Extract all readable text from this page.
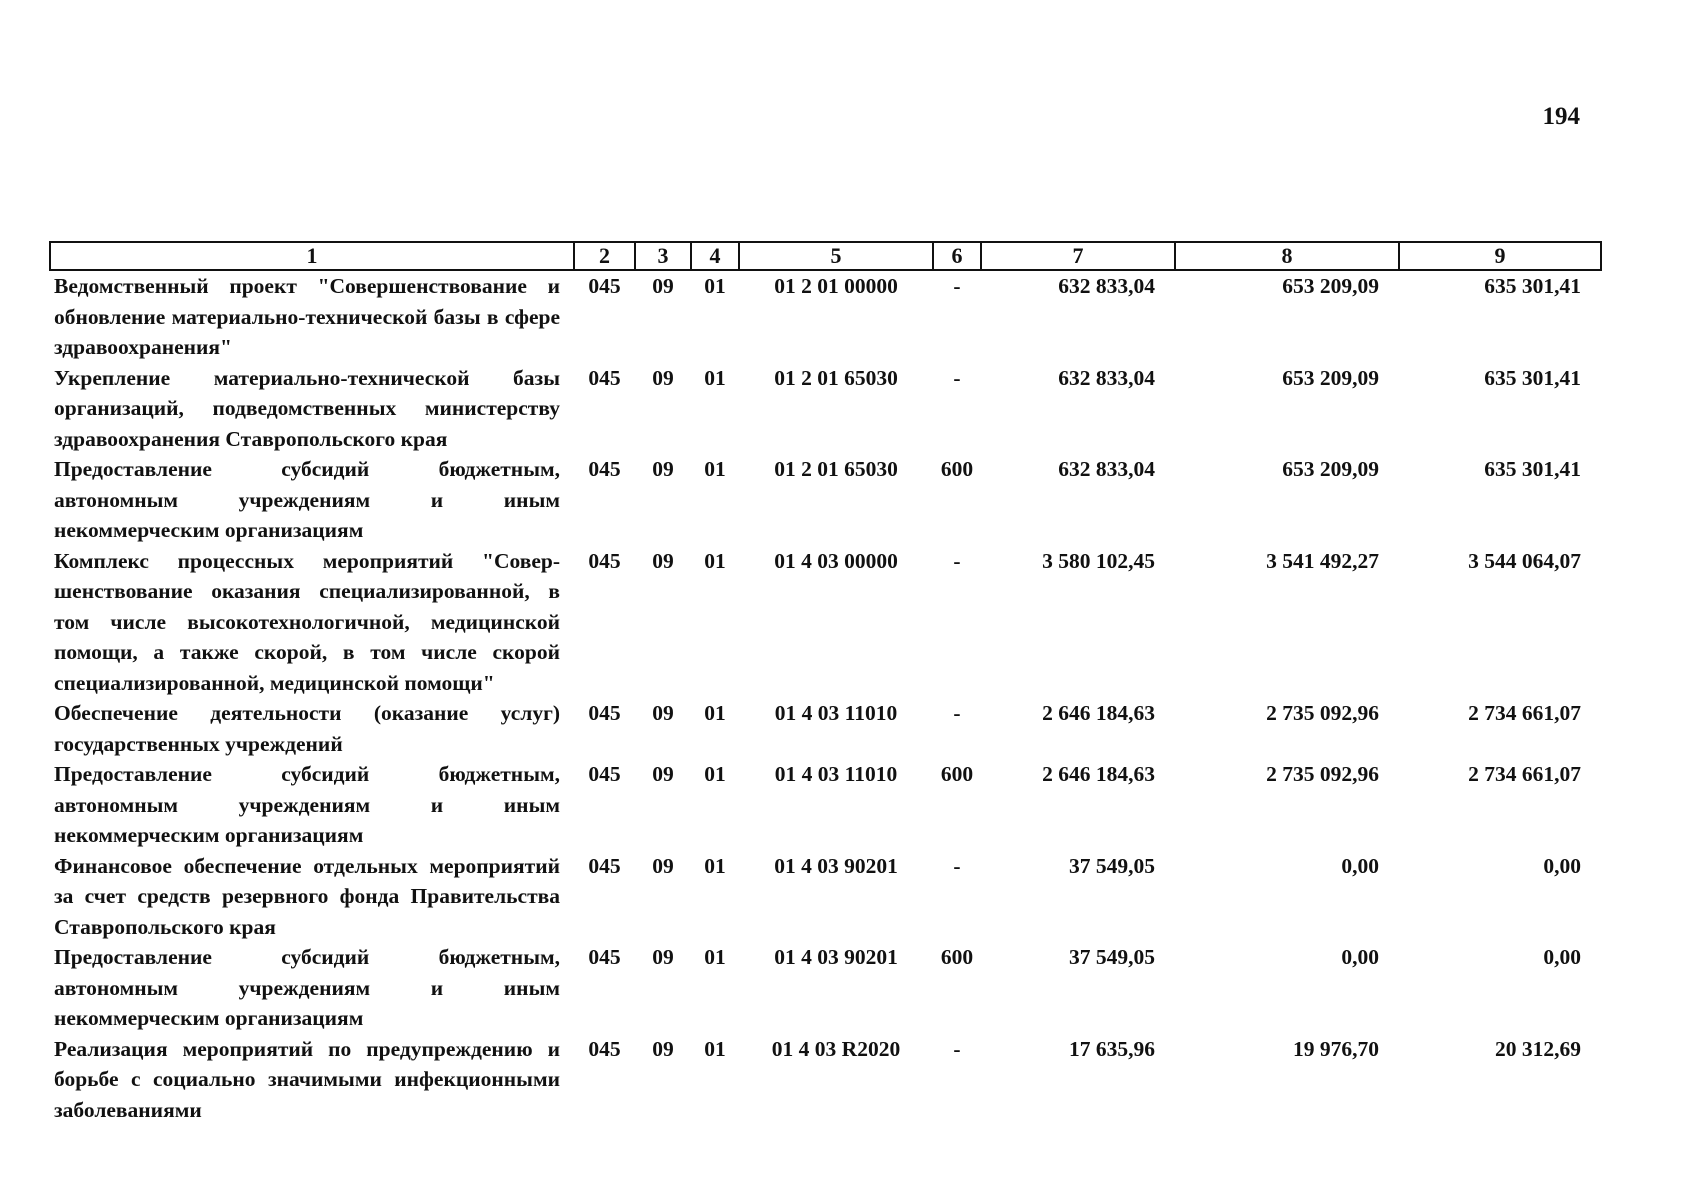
194
1	2	3	4	5	6	7	8	9
Ведомственный проект "Совершенствование и обновление материально-технической базы в сфере здравоохранения"	045	09	01	01 2 01 00000	-	632 833,04	653 209,09	635 301,41
Укрепление материально-технической базы организаций, подведомственных министерству здравоохранения Ставропольского края	045	09	01	01 2 01 65030	-	632 833,04	653 209,09	635 301,41
Предоставление субсидий бюджетным, автономным учреждениям и иным некоммерческим организациям	045	09	01	01 2 01 65030	600	632 833,04	653 209,09	635 301,41
Комплекс процессных мероприятий "Совер-шенствование оказания специализированной, в том числе высокотехнологичной, медицинской помощи, а также скорой, в том числе скорой специализированной, медицинской помощи"	045	09	01	01 4 03 00000	-	3 580 102,45	3 541 492,27	3 544 064,07
Обеспечение деятельности (оказание услуг) государственных учреждений	045	09	01	01 4 03 11010	-	2 646 184,63	2 735 092,96	2 734 661,07
Предоставление субсидий бюджетным, автономным учреждениям и иным некоммерческим организациям	045	09	01	01 4 03 11010	600	2 646 184,63	2 735 092,96	2 734 661,07
Финансовое обеспечение отдельных мероприятий за счет средств резервного фонда Правительства Ставропольского края	045	09	01	01 4 03 90201	-	37 549,05	0,00	0,00
Предоставление субсидий бюджетным, автономным учреждениям и иным некоммерческим организациям	045	09	01	01 4 03 90201	600	37 549,05	0,00	0,00
Реализация мероприятий по предупреждению и борьбе с социально значимыми инфекционными заболеваниями	045	09	01	01 4 03 R2020	-	17 635,96	19 976,70	20 312,69
